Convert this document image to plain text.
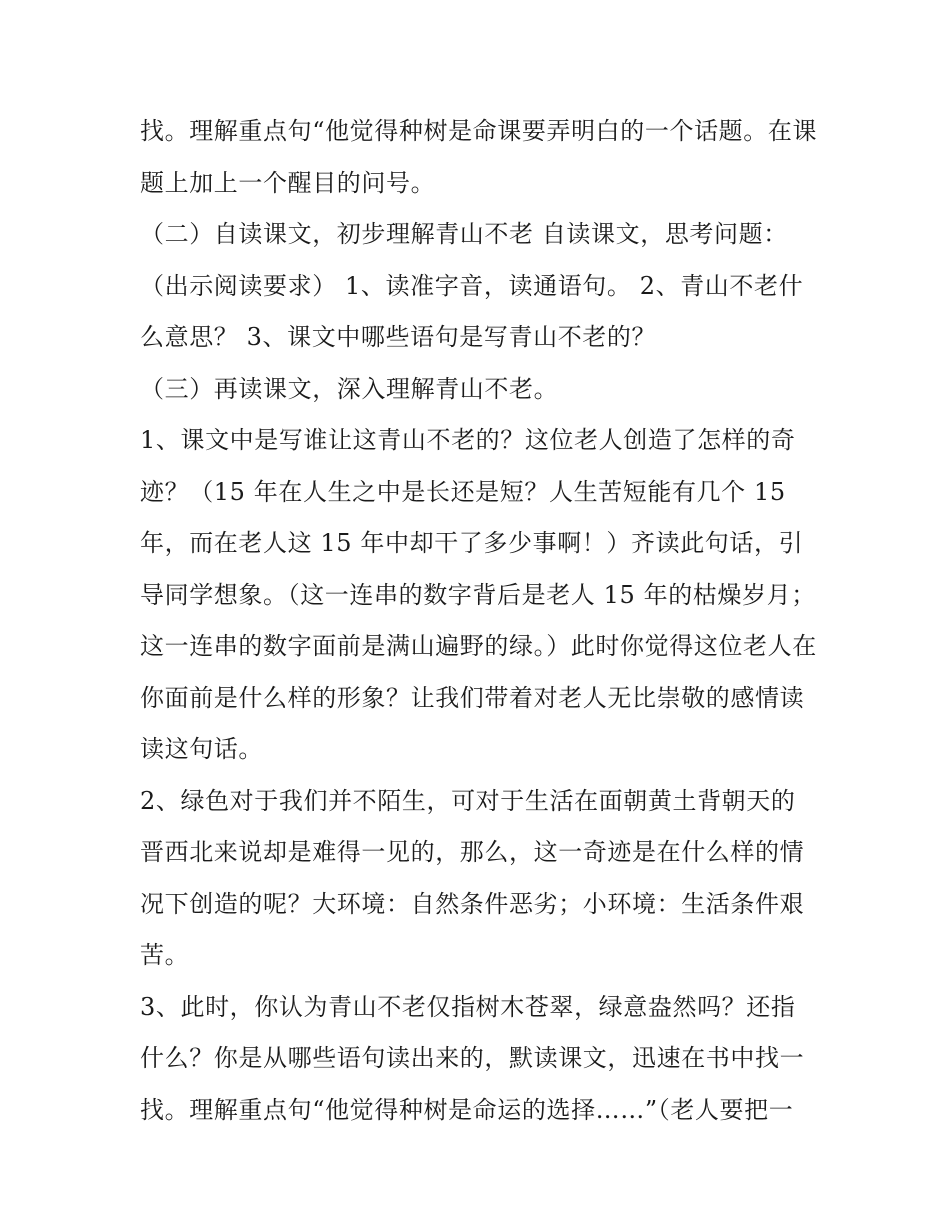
找。理解重点句“他觉得种树是命课要弄明白的一个话题。在课题上加上一个醒目的问号。

（二）自读课文，初步理解青山不老 自读课文，思考问题：（出示阅读要求） 1、读准字音，读通语句。 2、青山不老什么意思？ 3、课文中哪些语句是写青山不老的？

（三）再读课文，深入理解青山不老。

1、课文中是写谁让这青山不老的？这位老人创造了怎样的奇迹？（15 年在人生之中是长还是短？人生苦短能有几个 15 年，而在老人这 15 年中却干了多少事啊！）齐读此句话，引导同学想象。（这一连串的数字背后是老人 15 年的枯燥岁月；这一连串的数字面前是满山遍野的绿。）此时你觉得这位老人在你面前是什么样的形象？让我们带着对老人无比崇敬的感情读读这句话。

2、绿色对于我们并不陌生，可对于生活在面朝黄土背朝天的晋西北来说却是难得一见的，那么，这一奇迹是在什么样的情况下创造的呢？大环境：自然条件恶劣；小环境：生活条件艰苦。

3、此时，你认为青山不老仅指树木苍翠，绿意盎然吗？还指什么？你是从哪些语句读出来的，默读课文，迅速在书中找一找。理解重点句“他觉得种树是命运的选择……”（老人要把一
